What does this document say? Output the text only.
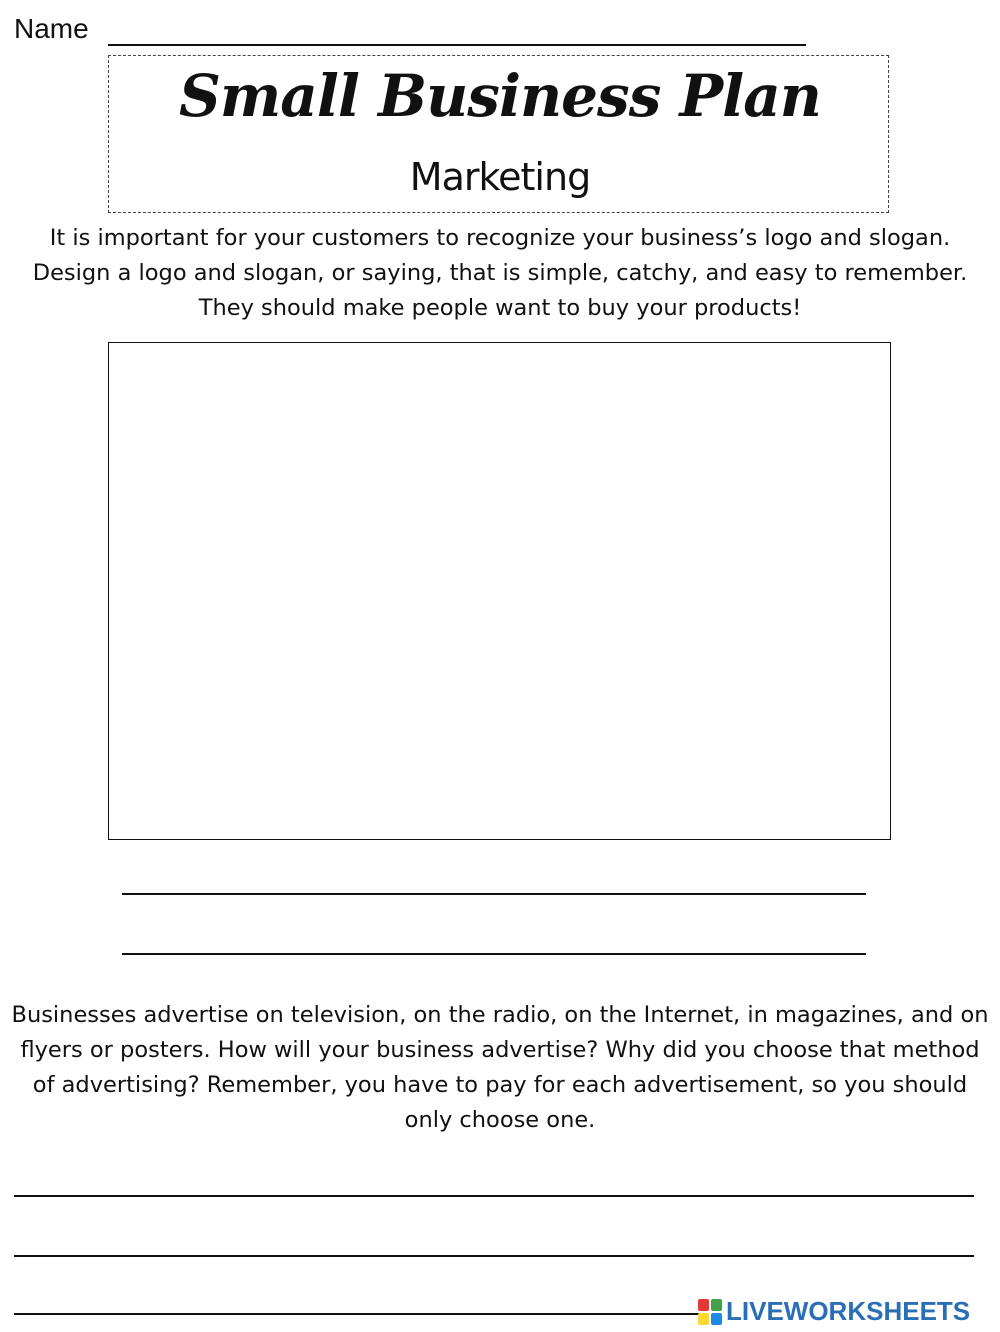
Name
Small Business Plan
Marketing
It is important for your customers to recognize your business’s logo and slogan. Design a logo and slogan, or saying, that is simple, catchy, and easy to remember. They should make people want to buy your products!
Businesses advertise on television, on the radio, on the Internet, in magazines, and on flyers or posters. How will your business advertise? Why did you choose that method of advertising? Remember, you have to pay for each advertisement, so you should only choose one.
LIVEWORKSHEETS
